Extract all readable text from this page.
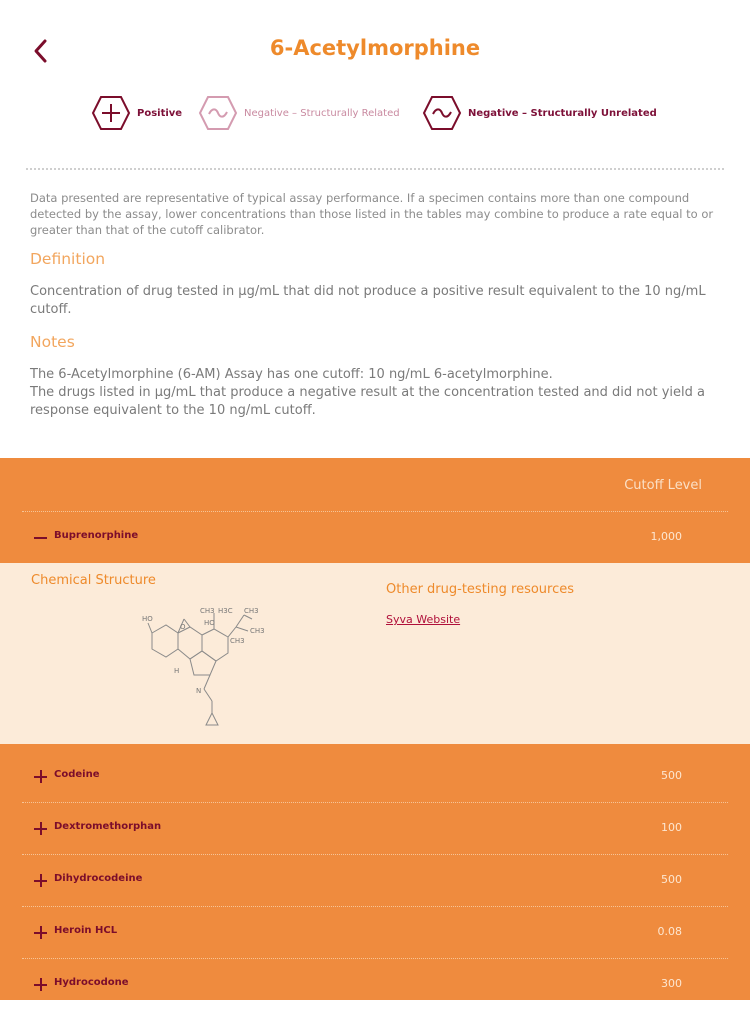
6-Acetylmorphine
Positive	Negative – Structurally Related	Negative – Structurally Unrelated
Data presented are representative of typical assay performance. If a specimen contains more than one compound detected by the assay, lower concentrations than those listed in the tables may combine to produce a rate equal to or greater than that of the cutoff calibrator.
Definition
Concentration of drug tested in µg/mL that did not produce a positive result equivalent to the 10 ng/mL cutoff.
Notes
The 6-Acetylmorphine (6-AM) Assay has one cutoff: 10 ng/mL 6-acetylmorphine.
The drugs listed in µg/mL that produce a negative result at the concentration tested and did not yield a response equivalent to the 10 ng/mL cutoff.
Cutoff Level
Buprenorphine	1,000
Chemical Structure
HO
O
CH3 H3C
HO
CH3
CH3
CH3
H
N
Other drug-testing resources
Syva Website
Codeine	500
Dextromethorphan	100
Dihydrocodeine	500
Heroin HCL	0.08
Hydrocodone	300
